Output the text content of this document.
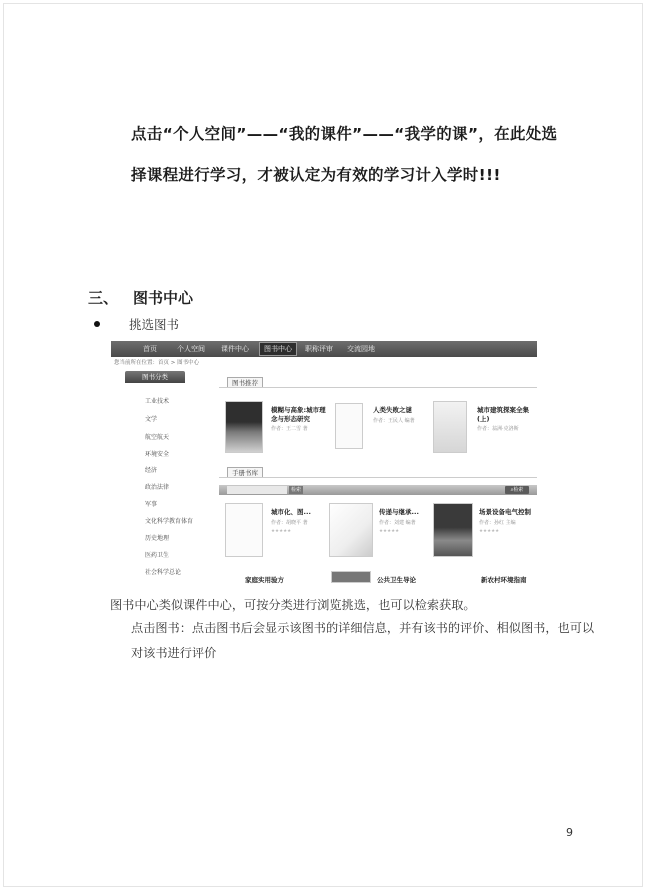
点击“个人空间”——“我的课件”——“我学的课”，在此处选
择课程进行学习，才被认定为有效的学习计入学时!!!
三、 图书中心
挑选图书
首页	个人空间	课件中心	图书中心	职称评审	交流园地
您当前所在位置：首页 > 图书中心
图书分类
工业技术
文学
航空航天
环境安全
经济
政治法律
军事
文化科学教育体育
历史地理
医药卫生
社会科学总论
图书推荐
模糊与高象:城市理
念与形态研究
作者：王二雪 著
人类失败之谜
作者：王民人 编著
城市建筑探案全集
(上)
作者：翁洲·克洛斯
手册书库
检索	⌕检索
城市化、图...
作者：胡晓平 著
★★★★★
传递与继承...
作者：刘建 编著
★★★★★
场景设备电气控制
作者：孙红 主编
★★★★★
家庭实用验方	公共卫生导论	新农村环境指南
图书中心类似课件中心，可按分类进行浏览挑选，也可以检索获取。
点击图书：点击图书后会显示该图书的详细信息，并有该书的评价、相似图书，也可以
对该书进行评价
9
